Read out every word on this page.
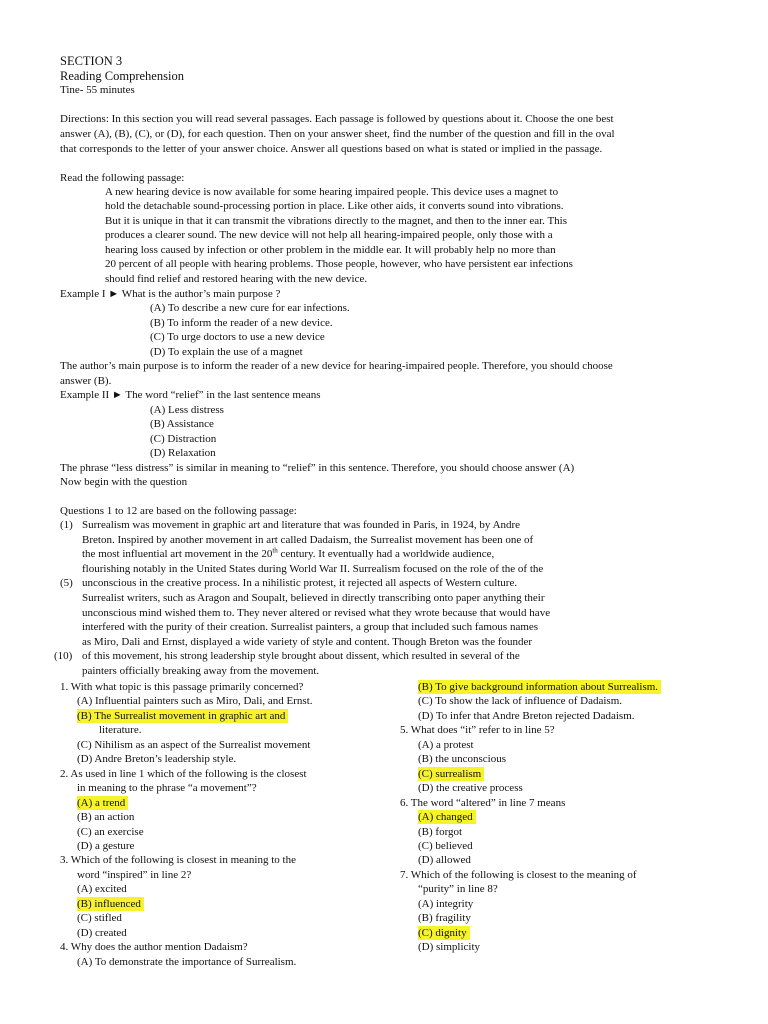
SECTION 3
Reading Comprehension
Tine- 55 minutes
Directions: In this section you will read several passages. Each passage is followed by questions about it. Choose the one best
answer (A), (B), (C), or (D), for each question. Then on your answer sheet, find the number of the question and fill in the oval
that corresponds to the letter of your answer choice. Answer all questions based on what is stated or implied in the passage.
Read the following passage:
A new hearing device is now available for some hearing impaired people. This device uses a magnet to
hold the detachable sound-processing portion in place. Like other aids, it converts sound into vibrations.
But it is unique in that it can transmit the vibrations directly to the magnet, and then to the inner ear. This
produces a clearer sound. The new device will not help all hearing-impaired people, only those with a
hearing loss caused by infection or other problem in the middle ear. It will probably help no more than
20 percent of all people with hearing problems. Those people, however, who have persistent ear infections
should find relief and restored hearing with the new device.
Example I ► What is the author’s main purpose ?
(A) To describe a new cure for ear infections.
(B) To inform the reader of a new device.
(C) To urge doctors to use a new device
(D) To explain the use of a magnet
The author’s main purpose is to inform the reader of a new device for hearing-impaired people. Therefore, you should choose
answer (B).
Example II ► The word “relief” in the last sentence means
(A) Less distress
(B) Assistance
(C) Distraction
(D) Relaxation
The phrase “less distress” is similar in meaning to “relief” in this sentence. Therefore, you should choose answer (A)
Now begin with the question
Questions 1 to 12 are based on the following passage:
(1) Surrealism was movement in graphic art and literature that was founded in Paris, in 1924, by Andre
Breton. Inspired by another movement in art called Dadaism, the Surrealist movement has been one of
the most influential art movement in the 20th century. It eventually had a worldwide audience,
flourishing notably in the United States during World War II. Surrealism focused on the role of the of the
(5) unconscious in the creative process. In a nihilistic protest, it rejected all aspects of Western culture.
Surrealist writers, such as Aragon and Soupalt, believed in directly transcribing onto paper anything their
unconscious mind wished them to. They never altered or revised what they wrote because that would have
interfered with the purity of their creation. Surrealist painters, a group that included such famous names
as Miro, Dali and Ernst, displayed a wide variety of style and content. Though Breton was the founder
(10) of this movement, his strong leadership style brought about dissent, which resulted in several of the
painters officially breaking away from the movement.
1. With what topic is this passage primarily concerned?
(A) Influential painters such as Miro, Dali, and Ernst.
(B) The Surrealist movement in graphic art and
literature.
(C) Nihilism as an aspect of the Surrealist movement
(D) Andre Breton’s leadership style.
2. As used in line 1 which of the following is the closest
in meaning to the phrase “a movement”?
(A) a trend
(B) an action
(C) an exercise
(D) a gesture
3. Which of the following is closest in meaning to the
word “inspired” in line 2?
(A) excited
(B) influenced
(C) stifled
(D) created
4. Why does the author mention Dadaism?
(A) To demonstrate the importance of Surrealism.
(B) To give background information about Surrealism.
(C) To show the lack of influence of Dadaism.
(D) To infer that Andre Breton rejected Dadaism.
5. What does “it” refer to in line 5?
(A) a protest
(B) the unconscious
(C) surrealism
(D) the creative process
6. The word “altered” in line 7 means
(A) changed
(B) forgot
(C) believed
(D) allowed
7. Which of the following is closest to the meaning of
“purity” in line 8?
(A) integrity
(B) fragility
(C) dignity
(D) simplicity
